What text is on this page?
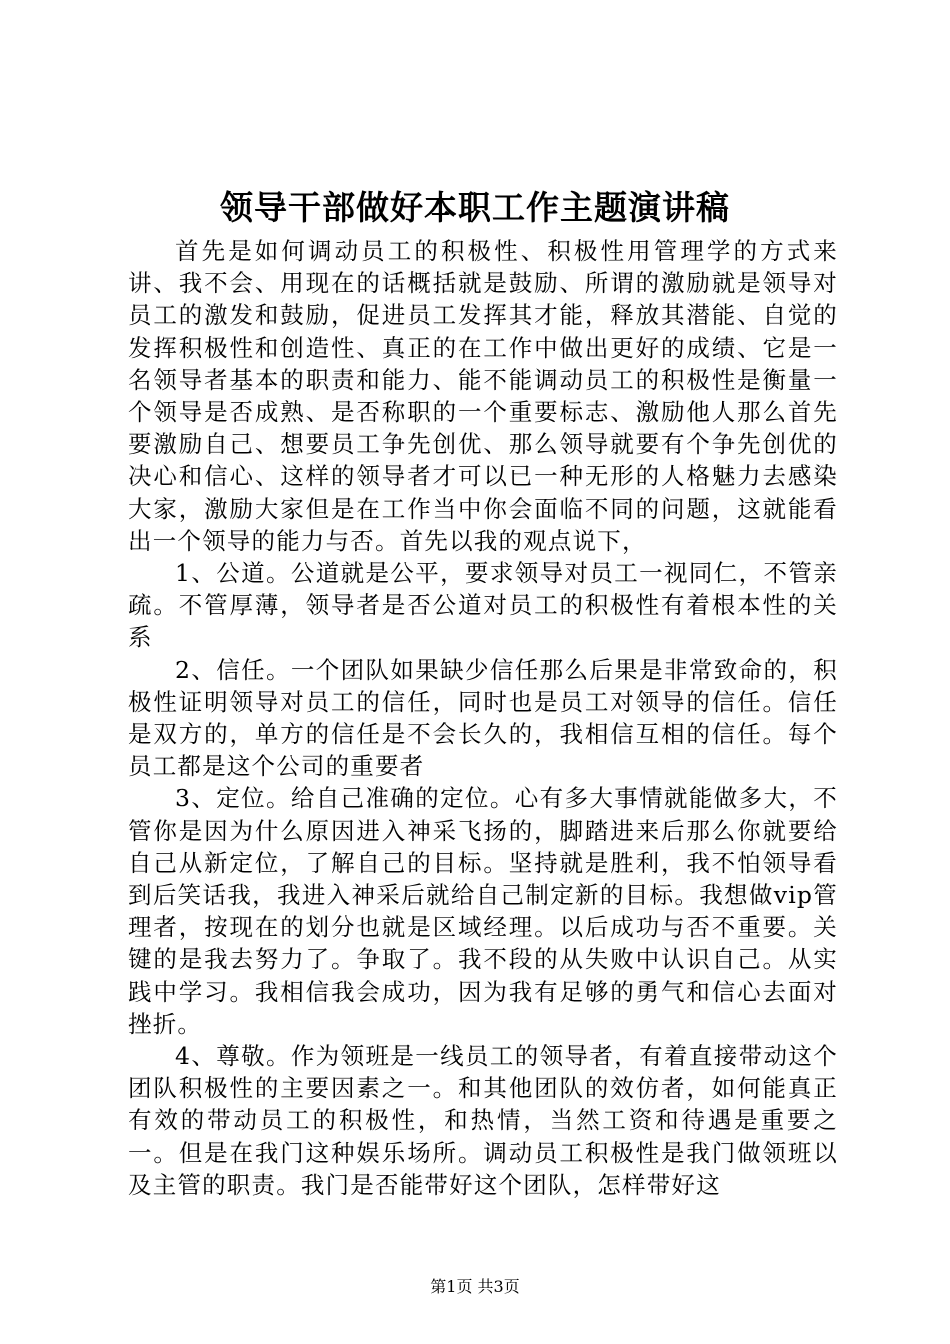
领导干部做好本职工作主题演讲稿

首先是如何调动员工的积极性、积极性用管理学的方式来讲、我不会、用现在的话概括就是鼓励、所谓的激励就是领导对员工的激发和鼓励，促进员工发挥其才能，释放其潜能、自觉的发挥积极性和创造性、真正的在工作中做出更好的成绩、它是一名领导者基本的职责和能力、能不能调动员工的积极性是衡量一个领导是否成熟、是否称职的一个重要标志、激励他人那么首先要激励自己、想要员工争先创优、那么领导就要有个争先创优的决心和信心、这样的领导者才可以已一种无形的人格魅力去感染大家，激励大家但是在工作当中你会面临不同的问题，这就能看出一个领导的能力与否。首先以我的观点说下，

1、公道。公道就是公平，要求领导对员工一视同仁，不管亲疏。不管厚薄，领导者是否公道对员工的积极性有着根本性的关系

2、信任。一个团队如果缺少信任那么后果是非常致命的，积极性证明领导对员工的信任，同时也是员工对领导的信任。信任是双方的，单方的信任是不会长久的，我相信互相的信任。每个员工都是这个公司的重要者

3、定位。给自己准确的定位。心有多大事情就能做多大，不管你是因为什么原因进入神采飞扬的，脚踏进来后那么你就要给自己从新定位，了解自己的目标。坚持就是胜利，我不怕领导看到后笑话我，我进入神采后就给自己制定新的目标。我想做vip管理者，按现在的划分也就是区域经理。以后成功与否不重要。关键的是我去努力了。争取了。我不段的从失败中认识自己。从实践中学习。我相信我会成功，因为我有足够的勇气和信心去面对挫折。

4、尊敬。作为领班是一线员工的领导者，有着直接带动这个团队积极性的主要因素之一。和其他团队的效仿者，如何能真正有效的带动员工的积极性，和热情，当然工资和待遇是重要之一。但是在我门这种娱乐场所。调动员工积极性是我门做领班以及主管的职责。我门是否能带好这个团队，怎样带好这

第1页 共3页
